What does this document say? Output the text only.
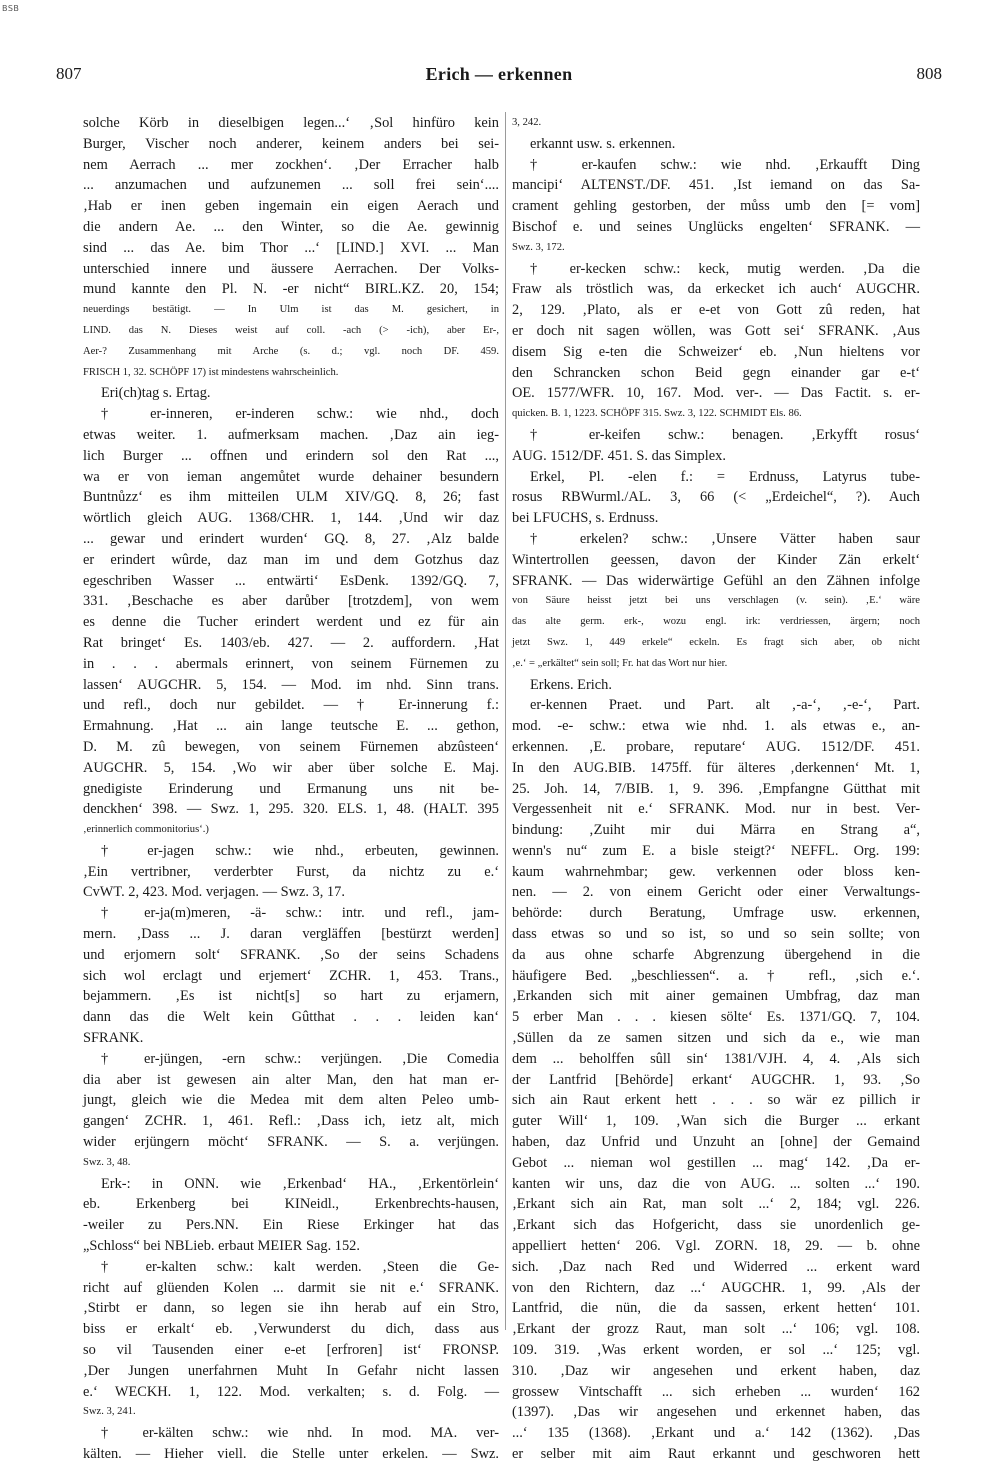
BSB
807	Erich — erkennen	808
solche Körb in dieselbigen legen...‘ ‚Sol hinfüro kein
Burger, Vischer noch anderer, keinem anders bei sei-
nem Aerrach ... mer zockhen‘. ‚Der Erracher halb
... anzumachen und aufzunemen ... soll frei sein‘....
‚Hab er inen geben ingemain ein eigen Aerach und
die andern Ae. ... den Winter, so die Ae. gewinnig
sind ... das Ae. bim Thor ...‘ [LIND.] XVI. ... Man
unterschied innere und äussere Aerrachen. Der Volks-
mund kannte den Pl. N. -er nicht“ BIRL.KZ. 20, 154;
neuerdings bestätigt. — In Ulm ist das M. gesichert, in
LIND. das N. Dieses weist auf coll. -ach (> -ich), aber Er-,
Aer-? Zusammenhang mit Arche (s. d.; vgl. noch DF. 459.
FRISCH 1, 32. SCHÖPF 17) ist mindestens wahrscheinlich.
Eri(ch)tag s. Ertag.
† er-inneren, er-inderen schw.: wie nhd., doch
etwas weiter. 1. aufmerksam machen. ‚Daz ain ieg-
lich Burger ... offnen und erindern sol den Rat ...,
wa er von ieman angemůtet wurde dehainer besundern
Buntnůzz‘ es ihm mitteilen ULM XIV/GQ. 8, 26; fast
wörtlich gleich AUG. 1368/CHR. 1, 144. ‚Und wir daz
... gewar und erindert wurden‘ GQ. 8, 27. ‚Alz balde
er erindert wûrde, daz man im und dem Gotzhus daz
egeschriben Wasser ... entwärti‘ EsDenk. 1392/GQ. 7,
331. ‚Beschache es aber darůber [trotzdem], von wem
es denne die Tucher erindert werdent und ez für ain
Rat bringet‘ Es. 1403/eb. 427. — 2. auffordern. ‚Hat
in . . . abermals erinnert, von seinem Fürnemen zu
lassen‘ AUGCHR. 5, 154. — Mod. im nhd. Sinn trans.
und refl., doch nur gebildet. — † Er-innerung f.:
Ermahnung. ‚Hat ... ain lange teutsche E. ... gethon,
D. M. zû bewegen, von seinem Fürnemen abzûsteen‘
AUGCHR. 5, 154. ‚Wo wir aber über solche E. Maj.
gnedigiste Erinderung und Ermanung uns nit be-
denckhen‘ 398. — Swz. 1, 295. 320. ELS. 1, 48. (HALT. 395
‚erinnerlich commonitorius‘.)
† er-jagen schw.: wie nhd., erbeuten, gewinnen.
‚Ein vertribner, verderbter Furst, da nichtz zu e.‘
CvWT. 2, 423. Mod. verjagen. — Swz. 3, 17.
† er-ja(m)meren, -ä- schw.: intr. und refl., jam-
mern. ‚Dass ... J. daran vergläffen [bestürzt werden]
und erjomern solt‘ SFRANK. ‚So der seins Schadens
sich wol erclagt und erjemert‘ ZCHR. 1, 453. Trans.,
bejammern. ‚Es ist nicht[s] so hart zu erjamern,
dann das die Welt kein Gûtthat . . . leiden kan‘
SFRANK.
† er-jüngen, -ern schw.: verjüngen. ‚Die Comedia
dia aber ist gewesen ain alter Man, den hat man er-
jungt, gleich wie die Medea mit dem alten Peleo umb-
gangen‘ ZCHR. 1, 461. Refl.: ‚Dass ich, ietz alt, mich
wider erjüngern möcht‘ SFRANK. — S. a. verjüngen.
Swz. 3, 48.
Erk-: in ONN. wie ‚Erkenbad‘ HA., ‚Erkentörlein‘
eb. Erkenberg bei KINeidl., Erkenbrechts-hausen,
-weiler zu Pers.NN. Ein Riese Erkinger hat das
„Schloss“ bei NBLieb. erbaut MEIER Sag. 152.
† er-kalten schw.: kalt werden. ‚Steen die Ge-
richt auf glüenden Kolen ... darmit sie nit e.‘ SFRANK.
‚Stirbt er dann, so legen sie ihn herab auf ein Stro,
biss er erkalt‘ eb. ‚Verwunderst du dich, dass aus
so vil Tausenden einer e-et [erfroren] ist‘ FRONSP.
‚Der Jungen unerfahrnen Muht In Gefahr nicht lassen
e.‘ WECKH. 1, 122. Mod. verkalten; s. d. Folg. —
Swz. 3, 241.
† er-kälten schw.: wie nhd. In mod. MA. ver-
kälten. — Hieher viell. die Stelle unter erkelen. — Swz.
3, 242.
erkannt usw. s. erkennen.
† er-kaufen schw.: wie nhd. ‚Erkaufft Ding
mancipi‘ ALTENST./DF. 451. ‚Ist iemand on das Sa-
crament gehling gestorben, der můss umb den [= vom]
Bischof e. und seines Unglücks engelten‘ SFRANK. —
Swz. 3, 172.
† er-kecken schw.: keck, mutig werden. ‚Da die
Fraw als tröstlich was, da erkecket ich auch‘ AUGCHR.
2, 129. ‚Plato, als er e-et von Gott zû reden, hat
er doch nit sagen wöllen, was Gott sei‘ SFRANK. ‚Aus
disem Sig e-ten die Schweizer‘ eb. ‚Nun hieltens vor
den Schrancken schon Beid gegn einander gar e-t‘
OE. 1577/WFR. 10, 167. Mod. ver-. — Das Factit. s. er-
quicken. B. 1, 1223. SCHÖPF 315. Swz. 3, 122. SCHMIDT Els. 86.
† er-keifen schw.: benagen. ‚Erkyfft rosus‘
AUG. 1512/DF. 451. S. das Simplex.
Erkel, Pl. -elen f.: = Erdnuss, Latyrus tube-
rosus RBWurml./AL. 3, 66 (< „Erdeichel“, ?). Auch
bei LFUCHS, s. Erdnuss.
† erkelen? schw.: ‚Unsere Vätter haben saur
Wintertrollen geessen, davon der Kinder Zän erkelt‘
SFRANK. — Das widerwärtige Gefühl an den Zähnen infolge
von Säure heisst jetzt bei uns verschlagen (v. sein). ‚E.‘ wäre
das alte germ. erk-, wozu engl. irk: verdriessen, ärgern; noch
jetzt Swz. 1, 449 erkele“ eckeln. Es fragt sich aber, ob nicht
‚e.‘ = „erkältet“ sein soll; Fr. hat das Wort nur hier.
Erkens. Erich.
er-kennen Praet. und Part. alt ‚-a-‘, ‚-e-‘, Part.
mod. -e- schw.: etwa wie nhd. 1. als etwas e., an-
erkennen. ‚E. probare, reputare‘ AUG. 1512/DF. 451.
In den AUG.BIB. 1475ff. für älteres ‚derkennen‘ Mt. 1,
25. Joh. 14, 7/BIB. 1, 9. 396. ‚Empfangne Gütthat mit
Vergessenheit nit e.‘ SFRANK. Mod. nur in best. Ver-
bindung: ‚Zuiht mir dui Märra en Strang a“,
wenn's nu“ zum E. a bisle steigt?‘ NEFFL. Org. 199:
kaum wahrnehmbar; gew. verkennen oder bloss ken-
nen. — 2. von einem Gericht oder einer Verwaltungs-
behörde: durch Beratung, Umfrage usw. erkennen,
dass etwas so und so ist, so und so sein sollte; von
da aus ohne scharfe Abgrenzung übergehend in die
häufigere Bed. „beschliessen“. a. † refl., ‚sich e.‘.
‚Erkanden sich mit ainer gemainen Umbfrag, daz man
5 erber Man . . . kiesen sölte‘ Es. 1371/GQ. 7, 104.
‚Süllen da ze samen sitzen und sich da e., wie man
dem ... beholffen sûll sin‘ 1381/VJH. 4, 4. ‚Als sich
der Lantfrid [Behörde] erkant‘ AUGCHR. 1, 93. ‚So
sich ain Raut erkent hett . . . so wär ez pillich ir
guter Will‘ 1, 109. ‚Wan sich die Burger ... erkant
haben, daz Unfrid und Unzuht an [ohne] der Gemaind
Gebot ... nieman wol gestillen ... mag‘ 142. ‚Da er-
kanten wir uns, daz die von AUG. ... solten ...‘ 190.
‚Erkant sich ain Rat, man solt ...‘ 2, 184; vgl. 226.
‚Erkant sich das Hofgericht, dass sie unordenlich ge-
appelliert hetten‘ 206. Vgl. ZORN. 18, 29. — b. ohne
sich. ‚Daz nach Red und Widerred ... erkent ward
von den Richtern, daz ...‘ AUGCHR. 1, 99. ‚Als der
Lantfrid, die nün, die da sassen, erkent hetten‘ 101.
‚Erkant der grozz Raut, man solt ...‘ 106; vgl. 108.
109. 319. ‚Was erkent worden, er sol ...‘ 125; vgl.
310. ‚Daz wir angesehen und erkent haben, daz
grossew Vintschafft ... sich erheben ... wurden‘ 162
(1397). ‚Das wir angesehen und erkennet haben, das
...‘ 135 (1368). ‚Erkant und a.‘ 142 (1362). ‚Das
er selber mit aim Raut erkannt und geschworen hett
